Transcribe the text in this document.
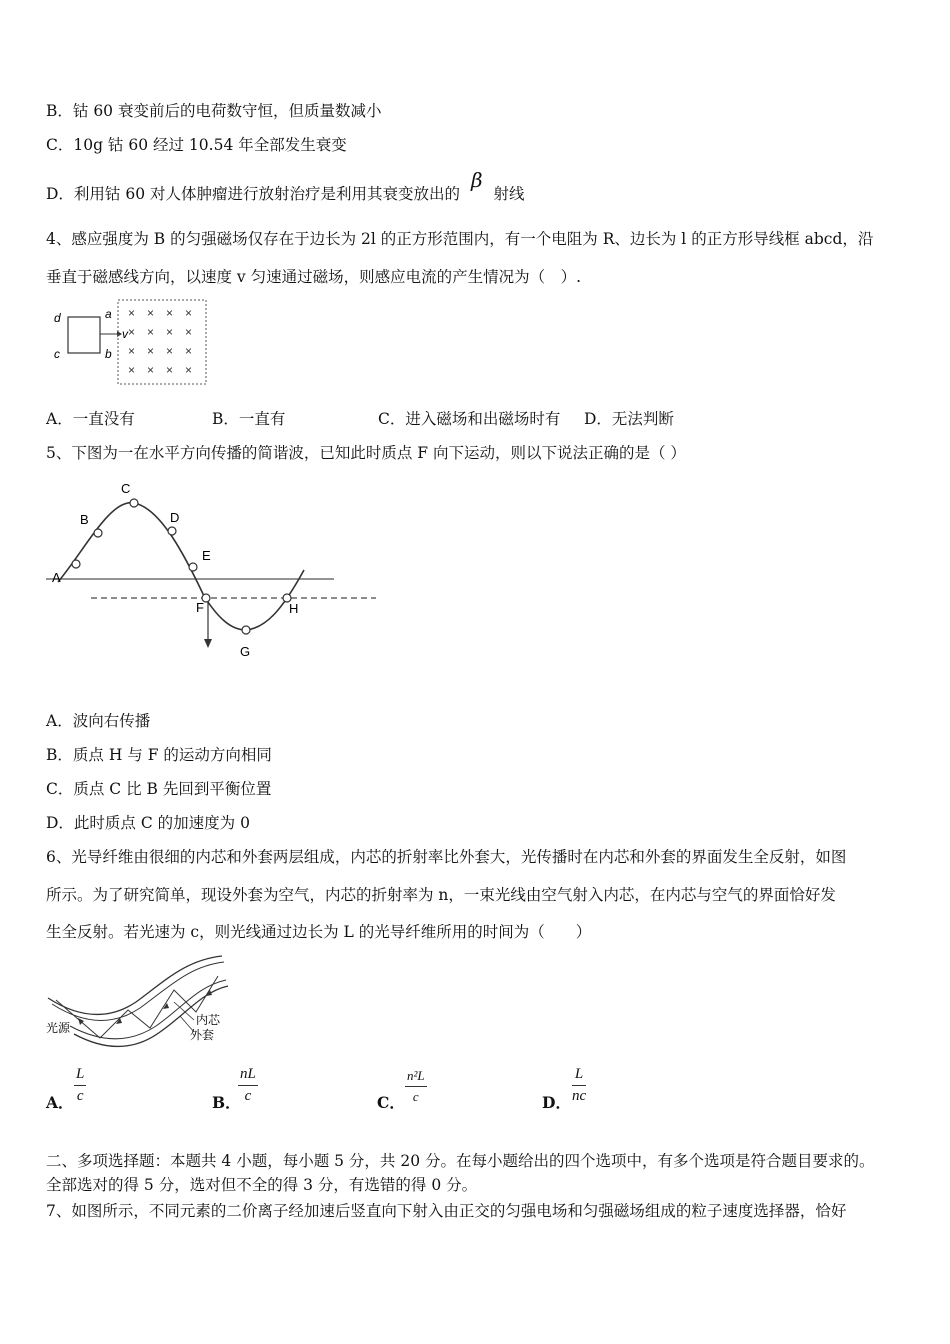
B．钴 60 衰变前后的电荷数守恒，但质量数减小
C．10g 钴 60 经过 10.54 年全部发生衰变
D．利用钴 60 对人体肿瘤进行放射治疗是利用其衰变放出的 β 射线
4、感应强度为 B 的匀强磁场仅存在于边长为 2l 的正方形范围内，有一个电阻为 R、边长为 l 的正方形导线框 abcd，沿
垂直于磁感线方向，以速度 v 匀速通过磁场，则感应电流的产生情况为（　）.
d
c
a
b
v
× × × ×
× × × ×
× × × ×
× × × ×
A．一直没有	B．一直有	C．进入磁场和出磁场时有 D．无法判断
5、下图为一在水平方向传播的简谐波，已知此时质点 F 向下运动，则以下说法正确的是（ ）
A
B
C
D
E
F
G
H
A．波向右传播
B．质点 H 与 F 的运动方向相同
C．质点 C 比 B 先回到平衡位置
D．此时质点 C 的加速度为 0
6、光导纤维由很细的内芯和外套两层组成，内芯的折射率比外套大，光传播时在内芯和外套的界面发生全反射，如图
所示。为了研究简单，现设外套为空气，内芯的折射率为 n，一束光线由空气射入内芯，在内芯与空气的界面恰好发
生全反射。若光速为 c，则光线通过边长为 L 的光导纤维所用的时间为（　　）
光源
内芯
外套
A． $\frac{L}{c}$	B．
$\frac{nL}{c}$	C． $\frac{\text{n²L}}{c}$	D． $\frac{L}{nc}$
二、多项选择题：本题共 4 小题，每小题 5 分，共 20 分。在每小题给出的四个选项中，有多个选项是符合题目要求的。
全部选对的得 5 分，选对但不全的得 3 分，有选错的得 0 分。
7、如图所示，不同元素的二价离子经加速后竖直向下射入由正交的匀强电场和匀强磁场组成的粒子速度选择器，恰好
